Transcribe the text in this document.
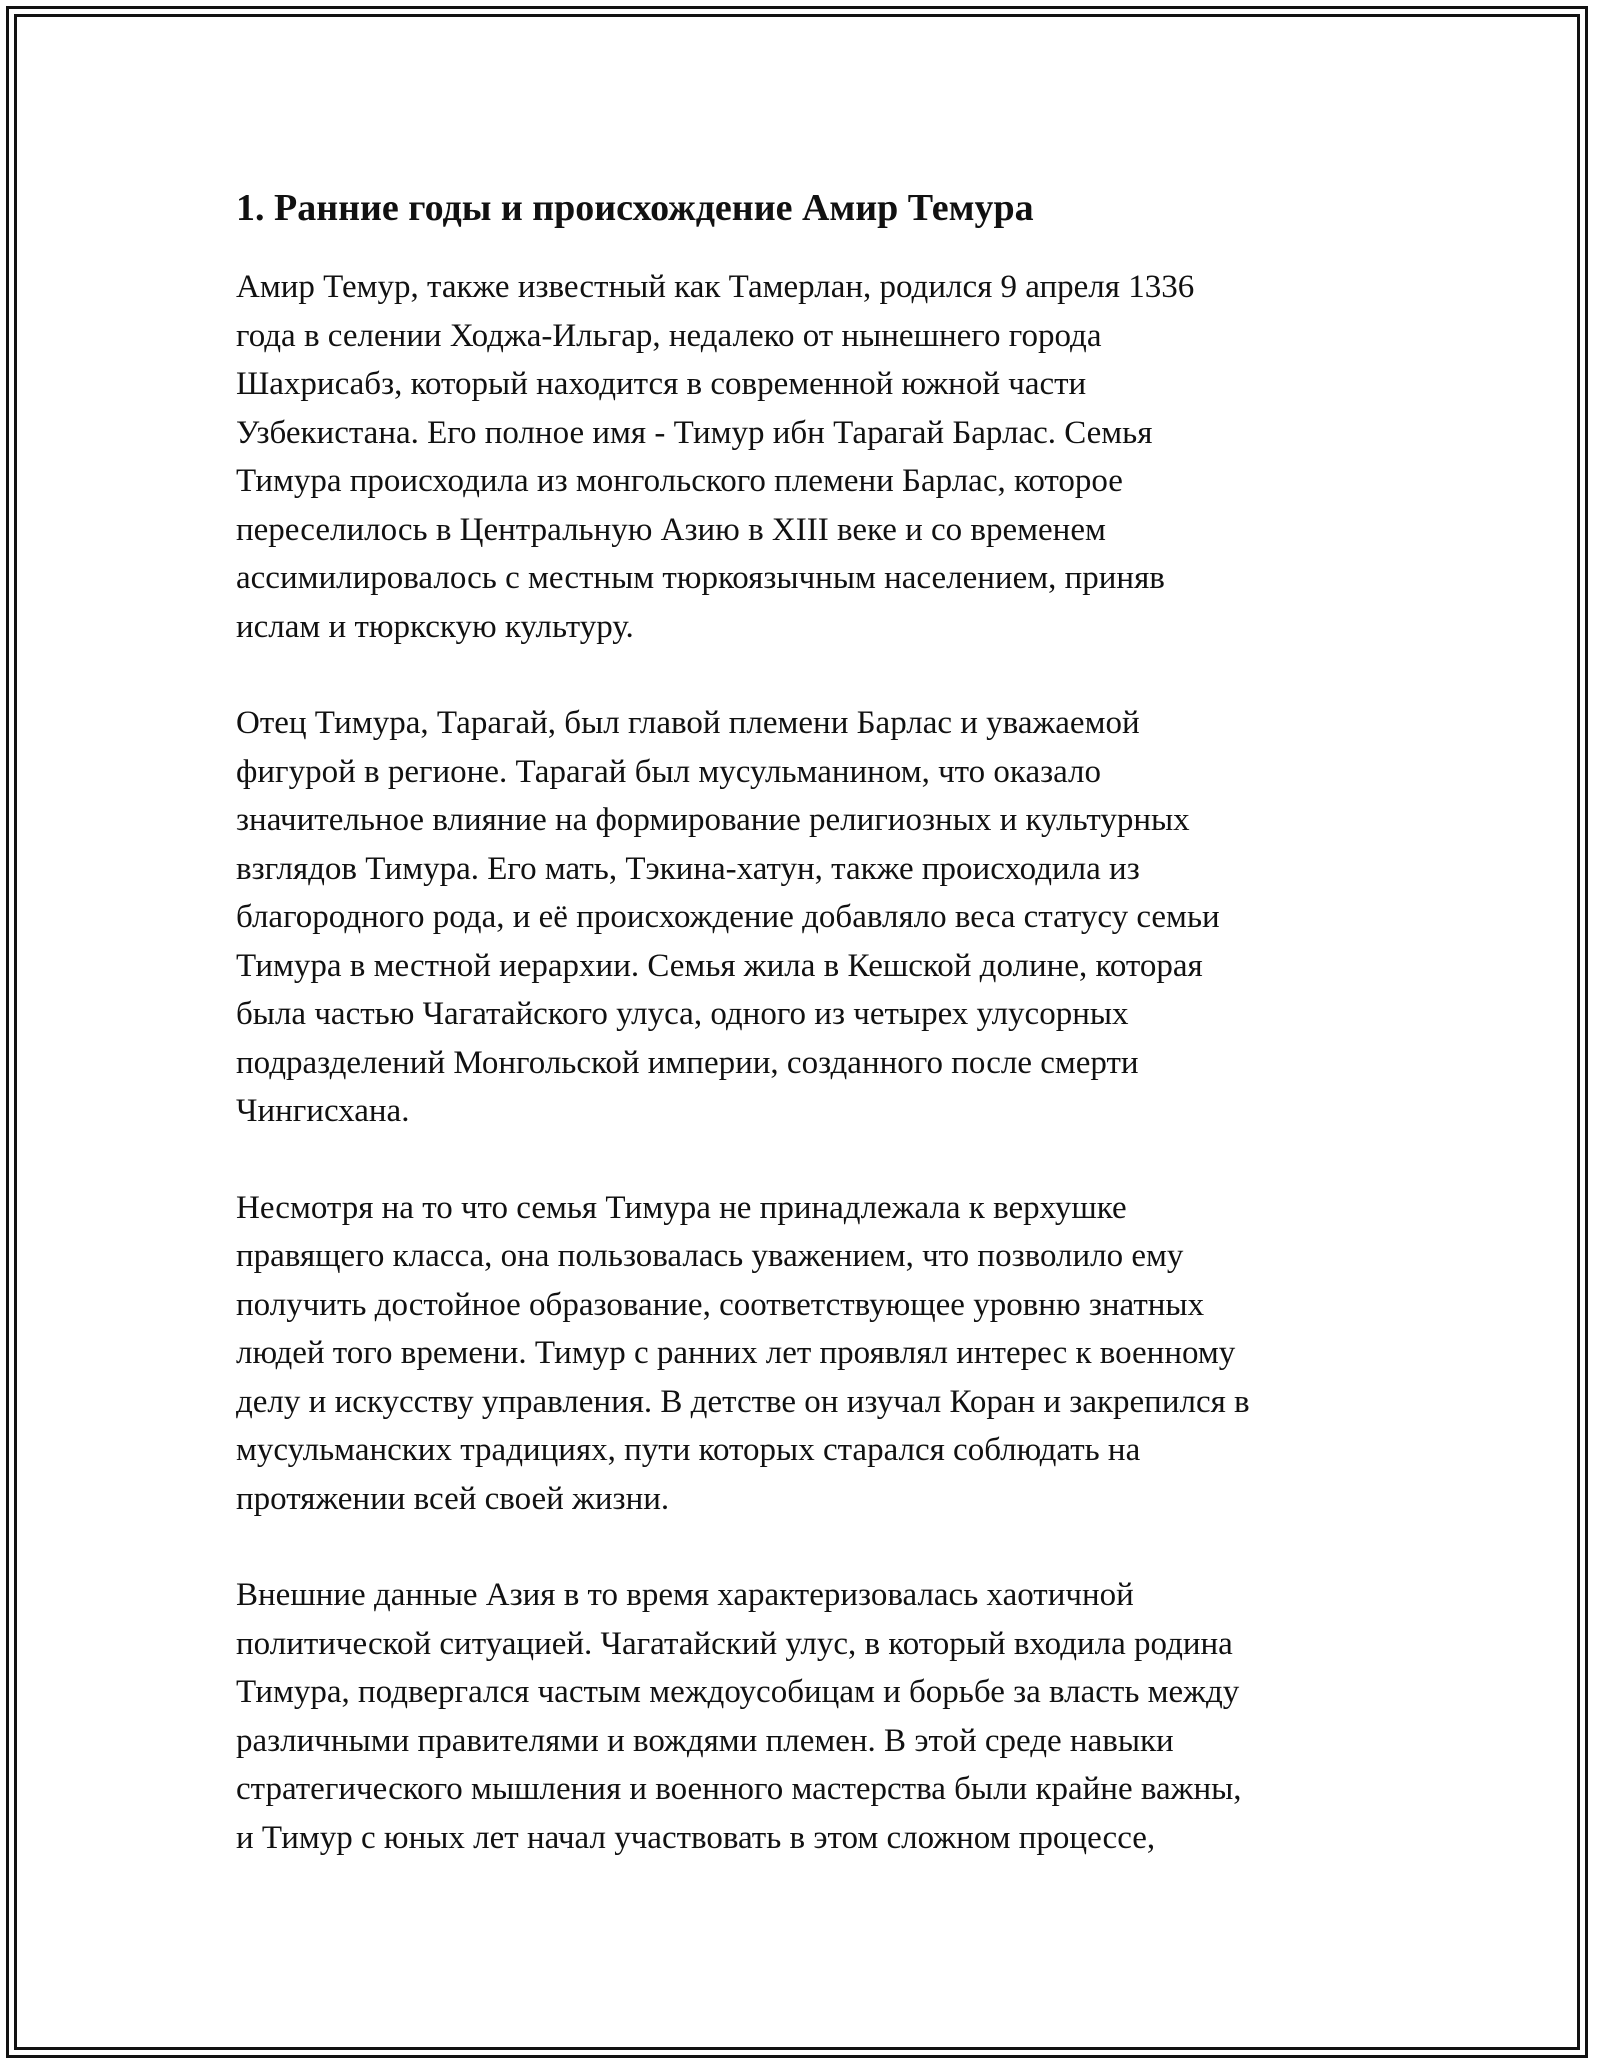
1. Ранние годы и происхождение Амир Темура

Амир Темур, также известный как Тамерлан, родился 9 апреля 1336
года в селении Ходжа-Ильгар, недалеко от нынешнего города
Шахрисабз, который находится в современной южной части
Узбекистана. Его полное имя - Тимур ибн Тарагай Барлас. Семья
Тимура происходила из монгольского племени Барлас, которое
переселилось в Центральную Азию в XIII веке и со временем
ассимилировалось с местным тюркоязычным населением, приняв
ислам и тюркскую культуру.

Отец Тимура, Тарагай, был главой племени Барлас и уважаемой
фигурой в регионе. Тарагай был мусульманином, что оказало
значительное влияние на формирование религиозных и культурных
взглядов Тимура. Его мать, Тэкина-хатун, также происходила из
благородного рода, и её происхождение добавляло веса статусу семьи
Тимура в местной иерархии. Семья жила в Кешской долине, которая
была частью Чагатайского улуса, одного из четырех улусорных
подразделений Монгольской империи, созданного после смерти
Чингисхана.

Несмотря на то что семья Тимура не принадлежала к верхушке
правящего класса, она пользовалась уважением, что позволило ему
получить достойное образование, соответствующее уровню знатных
людей того времени. Тимур с ранних лет проявлял интерес к военному
делу и искусству управления. В детстве он изучал Коран и закрепился в
мусульманских традициях, пути которых старался соблюдать на
протяжении всей своей жизни.

Внешние данные Азия в то время характеризовалась хаотичной
политической ситуацией. Чагатайский улус, в который входила родина
Тимура, подвергался частым междоусобицам и борьбе за власть между
различными правителями и вождями племен. В этой среде навыки
стратегического мышления и военного мастерства были крайне важны,
и Тимур с юных лет начал участвовать в этом сложном процессе,
